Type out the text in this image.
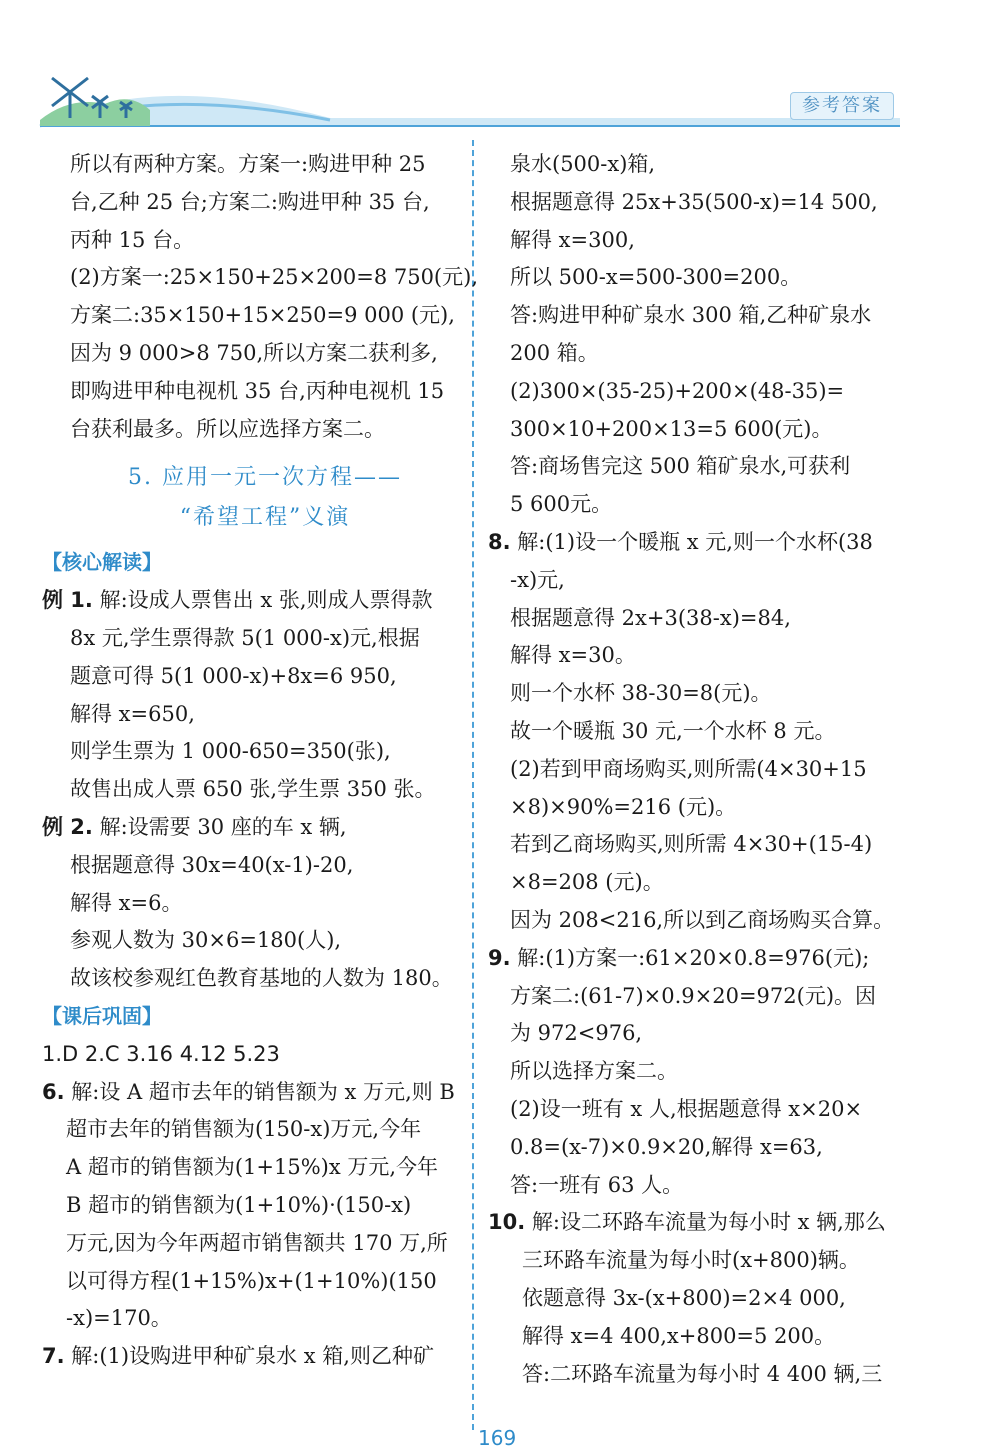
参考答案
所以有两种方案。方案一:购进甲种 25
台,乙种 25 台;方案二:购进甲种 35 台,
丙种 15 台。
(2)方案一:25×150+25×200=8 750(元),
方案二:35×150+15×250=9 000 (元),
因为 9 000>8 750,所以方案二获利多,
即购进甲种电视机 35 台,丙种电视机 15
台获利最多。所以应选择方案二。
5. 应用一元一次方程——
“希望工程”义演
【核心解读】
例 1. 解:设成人票售出 x 张,则成人票得款
8x 元,学生票得款 5(1 000-x)元,根据
题意可得 5(1 000-x)+8x=6 950,
解得 x=650,
则学生票为 1 000-650=350(张),
故售出成人票 650 张,学生票 350 张。
例 2. 解:设需要 30 座的车 x 辆,
根据题意得 30x=40(x-1)-20,
解得 x=6。
参观人数为 30×6=180(人),
故该校参观红色教育基地的人数为 180。
【课后巩固】
1.D 2.C 3.16 4.12 5.23
6. 解:设 A 超市去年的销售额为 x 万元,则 B
超市去年的销售额为(150-x)万元,今年
A 超市的销售额为(1+15%)x 万元,今年
B 超市的销售额为(1+10%)·(150-x)
万元,因为今年两超市销售额共 170 万,所
以可得方程(1+15%)x+(1+10%)(150
-x)=170。
7. 解:(1)设购进甲种矿泉水 x 箱,则乙种矿
泉水(500-x)箱,
根据题意得 25x+35(500-x)=14 500,
解得 x=300,
所以 500-x=500-300=200。
答:购进甲种矿泉水 300 箱,乙种矿泉水
200 箱。
(2)300×(35-25)+200×(48-35)=
300×10+200×13=5 600(元)。
答:商场售完这 500 箱矿泉水,可获利
5 600元。
8. 解:(1)设一个暖瓶 x 元,则一个水杯(38
-x)元,
根据题意得 2x+3(38-x)=84,
解得 x=30。
则一个水杯 38-30=8(元)。
故一个暖瓶 30 元,一个水杯 8 元。
(2)若到甲商场购买,则所需(4×30+15
×8)×90%=216 (元)。
若到乙商场购买,则所需 4×30+(15-4)
×8=208 (元)。
因为 208<216,所以到乙商场购买合算。
9. 解:(1)方案一:61×20×0.8=976(元);
方案二:(61-7)×0.9×20=972(元)。因
为 972<976,
所以选择方案二。
(2)设一班有 x 人,根据题意得 x×20×
0.8=(x-7)×0.9×20,解得 x=63,
答:一班有 63 人。
10. 解:设二环路车流量为每小时 x 辆,那么
三环路车流量为每小时(x+800)辆。
依题意得 3x-(x+800)=2×4 000,
解得 x=4 400,x+800=5 200。
答:二环路车流量为每小时 4 400 辆,三
169
